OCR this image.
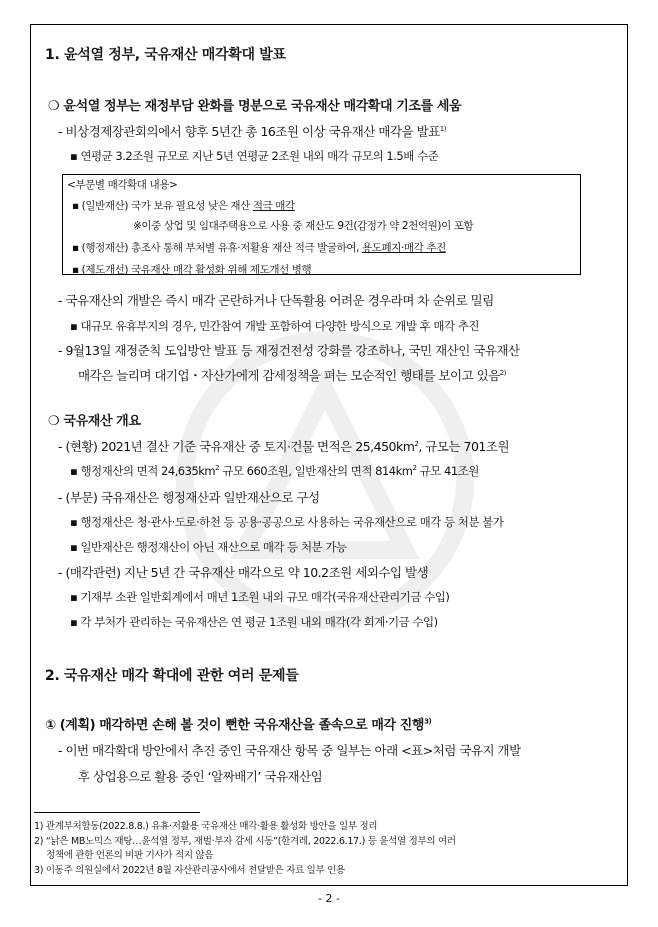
1. 윤석열 정부, 국유재산 매각확대 발표
❍ 윤석열 정부는 재정부담 완화를 명분으로 국유재산 매각확대 기조를 세움
- 비상경제장관회의에서 향후 5년간 총 16조원 이상 국유재산 매각을 발표$^{1)}$
▪ 연평균 3.2조원 규모로 지난 5년 연평균 2조원 내외 매각 규모의 1.5배 수준
<부문별 매각확대 내용>
▪ (일반재산) 국가 보유 필요성 낮은 재산 적극 매각
※이중 상업 및 임대주택용으로 사용 중 재산도 9건(감정가 약 2천억원)이 포함
▪ (행정재산) 총조사 통해 부처별 유휴·저활용 재산 적극 발굴하여, 용도폐지·매각 추진
▪ (제도개선) 국유재산 매각 활성화 위해 제도개선 병행
- 국유재산의 개발은 즉시 매각 곤란하거나 단독활용 어려운 경우라며 차 순위로 밀림
▪ 대규모 유휴부지의 경우, 민간참여 개발 포함하여 다양한 방식으로 개발 후 매각 추진
- 9월13일 재정준칙 도입방안 발표 등 재정건전성 강화를 강조하나, 국민 재산인 국유재산
매각은 늘리며 대기업・자산가에게 감세정책을 펴는 모순적인 행태를 보이고 있음$^{2)}$
❍ 국유재산 개요
- (현황) 2021년 결산 기준 국유재산 중 토지·건물 면적은 $25,450km^2$, 규모는 701조원
▪ 행정재산의 면적 $24,635km^2$ 규모 660조원, 일반재산의 면적 $814km^2$ 규모 41조원
- (부문) 국유재산은 행정재산과 일반재산으로 구성
▪ 행정재산은 청·관사·도로·하천 등 공용·공공으로 사용하는 국유재산으로 매각 등 처분 불가
▪ 일반재산은 행정재산이 아닌 재산으로 매각 등 처분 가능
- (매각관련) 지난 5년 간 국유재산 매각으로 약 10.2조원 세외수입 발생
▪ 기재부 소관 일반회계에서 매년 1조원 내외 규모 매각(국유재산관리기금 수입)
▪ 각 부처가 관리하는 국유재산은 연 평균 1조원 내외 매각(각 회계·기금 수입)
2. 국유재산 매각 확대에 관한 여러 문제들
① (계획) 매각하면 손해 볼 것이 뻔한 국유재산을 졸속으로 매각 진행$^{3)}$
- 이번 매각확대 방안에서 추진 중인 국유재산 항목 중 일부는 아래 <표>처럼 국유지 개발
후 상업용으로 활용 중인 ‘알짜배기’ 국유재산임
1) 관계부처합동(2022.8.8.) 유휴·저활용 국유재산 매각·활용 활성화 방안을 일부 정리
2) “낡은 MB노믹스 재탕…윤석열 정부, 재벌·부자 감세 시동”(한겨레, 2022.6.17.) 등 윤석열 정부의 여러
정책에 관한 언론의 비판 기사가 적지 않음
3) 이동주 의원실에서 2022년 8월 자산관리공사에서 전달받은 자료 일부 인용
- 2 -
